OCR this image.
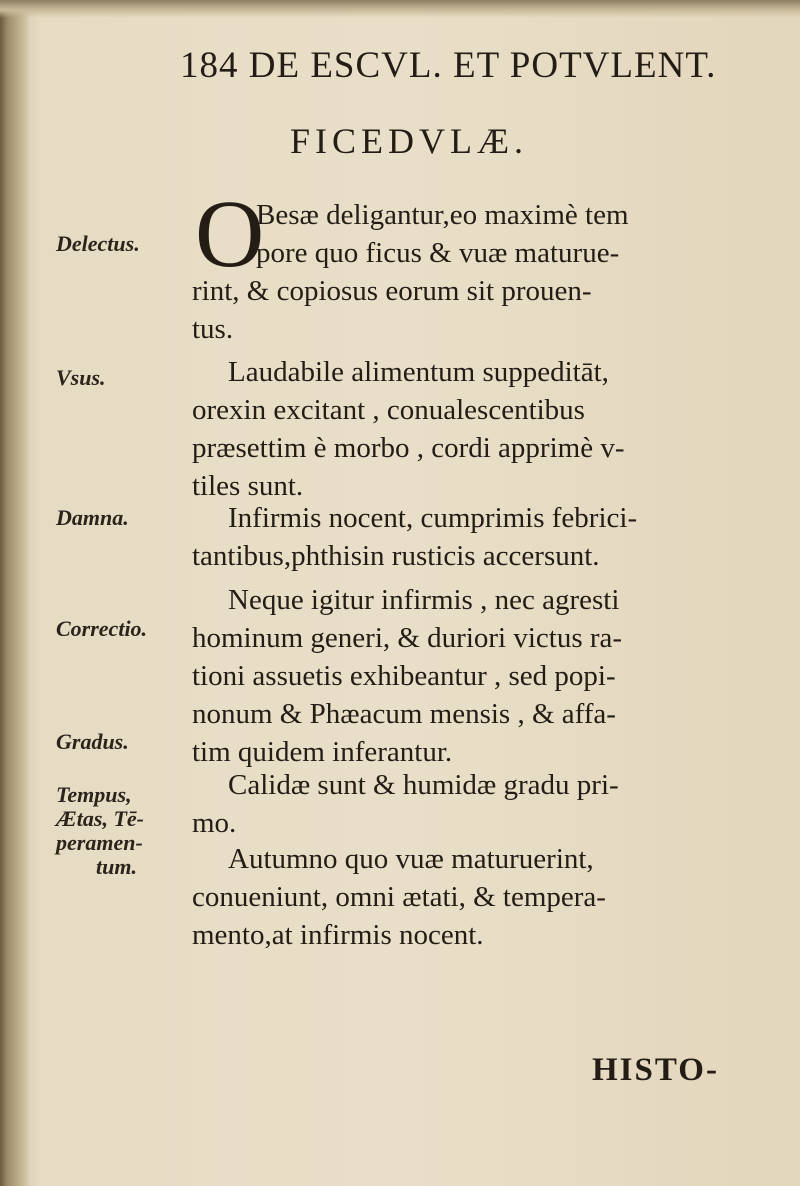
184 DE ESCVL. ET POTVLENT.
FICEDVLÆ.
Delectus.
Vsus.
Damna.
Correctio.
Gradus.
Tempus,
Ætas, Tē-
peramen-
tum.
O
Besæ deligantur,eo maximè tem
pore quo ficus & vuæ maturue-
rint, & copiosus eorum sit prouen-
tus.
Laudabile alimentum suppeditāt,
orexin excitant , conualescentibus
præsettim è morbo , cordi apprimè v-
tiles sunt.
Infirmis nocent, cumprimis febrici-
tantibus,phthisin rusticis accersunt.
Neque igitur infirmis , nec agresti
hominum generi, & duriori victus ra-
tioni assuetis exhibeantur , sed popi-
nonum & Phæacum mensis , & affa-
tim quidem inferantur.
Calidæ sunt & humidæ gradu pri-
mo.
Autumno quo vuæ maturuerint,
conueniunt, omni ætati, & tempera-
mento,at infirmis nocent.
HISTO-
